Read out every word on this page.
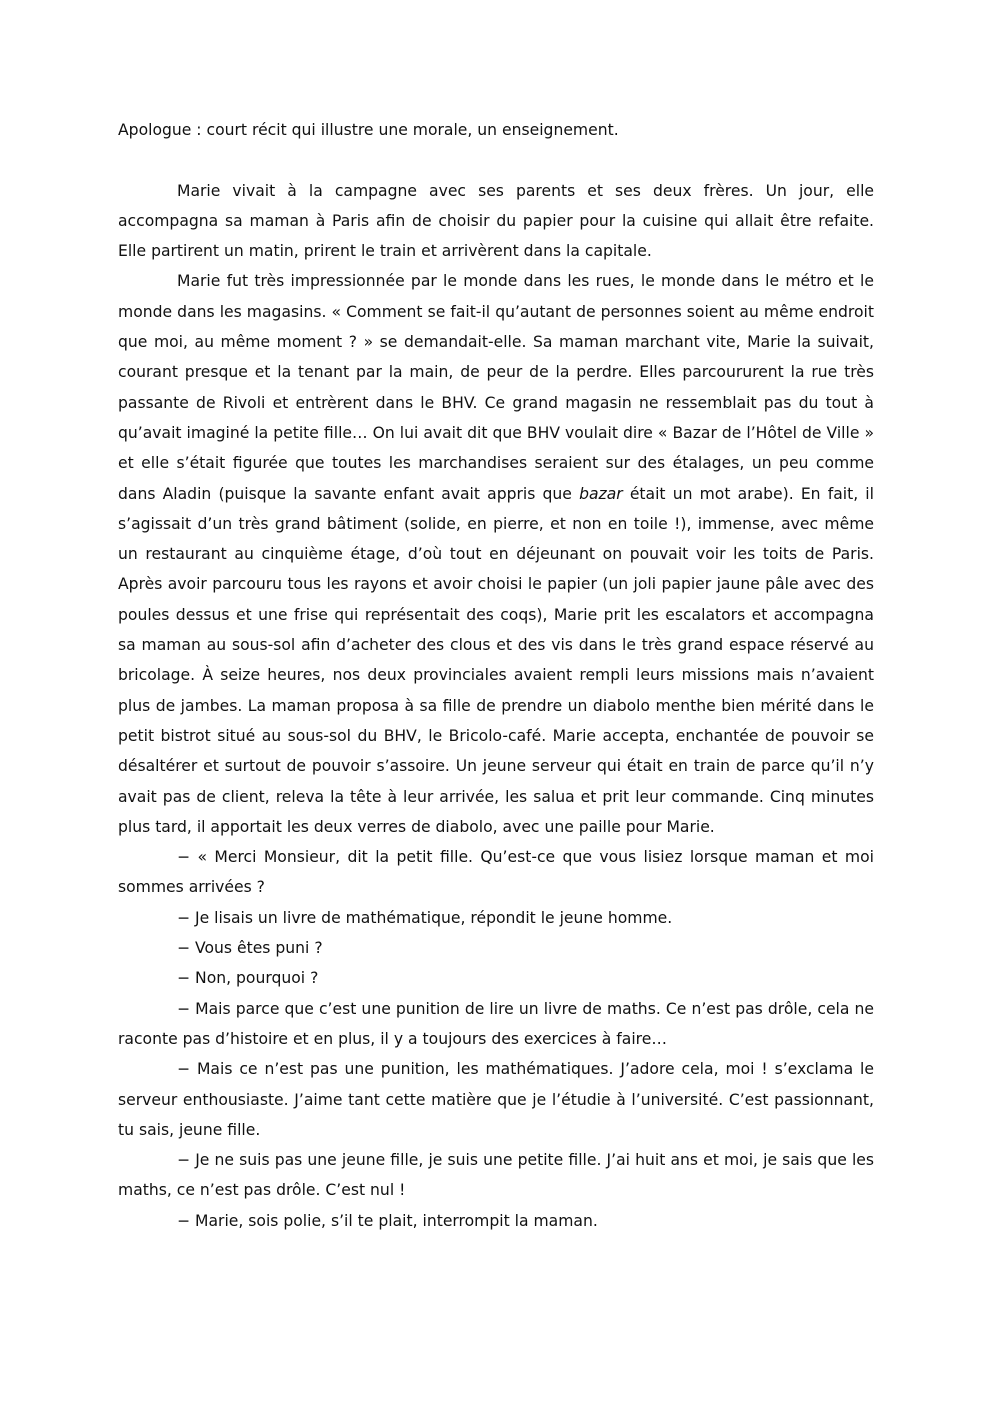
Apologue : court récit qui illustre une morale, un enseignement.

Marie vivait à la campagne avec ses parents et ses deux frères. Un jour, elle accompagna sa maman à Paris afin de choisir du papier pour la cuisine qui allait être refaite. Elle partirent un matin, prirent le train et arrivèrent dans la capitale.

Marie fut très impressionnée par le monde dans les rues, le monde dans le métro et le monde dans les magasins. « Comment se fait-il qu’autant de personnes soient au même endroit que moi, au même moment ? » se demandait-elle. Sa maman marchant vite, Marie la suivait, courant presque et la tenant par la main, de peur de la perdre. Elles parcoururent la rue très passante de Rivoli et entrèrent dans le BHV. Ce grand magasin ne ressemblait pas du tout à qu’avait imaginé la petite fille… On lui avait dit que BHV voulait dire « Bazar de l’Hôtel de Ville » et elle s’était figurée que toutes les marchandises seraient sur des étalages, un peu comme dans Aladin (puisque la savante enfant avait appris que bazar était un mot arabe). En fait, il s’agissait d’un très grand bâtiment (solide, en pierre, et non en toile !), immense, avec même un restaurant au cinquième étage, d’où tout en déjeunant on pouvait voir les toits de Paris. Après avoir parcouru tous les rayons et avoir choisi le papier (un joli papier jaune pâle avec des poules dessus et une frise qui représentait des coqs), Marie prit les escalators et accompagna sa maman au sous-sol afin d’acheter des clous et des vis dans le très grand espace réservé au bricolage. À seize heures, nos deux provinciales avaient rempli leurs missions mais n’avaient plus de jambes. La maman proposa à sa fille de prendre un diabolo menthe bien mérité dans le petit bistrot situé au sous-sol du BHV, le Bricolo-café. Marie accepta, enchantée de pouvoir se désaltérer et surtout de pouvoir s’assoire. Un jeune serveur qui était en train de parce qu’il n’y avait pas de client, releva la tête à leur arrivée, les salua et prit leur commande. Cinq minutes plus tard, il apportait les deux verres de diabolo, avec une paille pour Marie.

− « Merci Monsieur, dit la petit fille. Qu’est-ce que vous lisiez lorsque maman et moi sommes arrivées ?

− Je lisais un livre de mathématique, répondit le jeune homme.

− Vous êtes puni ?

− Non, pourquoi ?

− Mais parce que c’est une punition de lire un livre de maths. Ce n’est pas drôle, cela ne raconte pas d’histoire et en plus, il y a toujours des exercices à faire…

− Mais ce n’est pas une punition, les mathématiques. J’adore cela, moi ! s’exclama le serveur enthousiaste. J’aime tant cette matière que je l’étudie à l’université. C’est passionnant, tu sais, jeune fille.

− Je ne suis pas une jeune fille, je suis une petite fille. J’ai huit ans et moi, je sais que les maths, ce n’est pas drôle. C’est nul !

− Marie, sois polie, s’il te plait, interrompit la maman.
